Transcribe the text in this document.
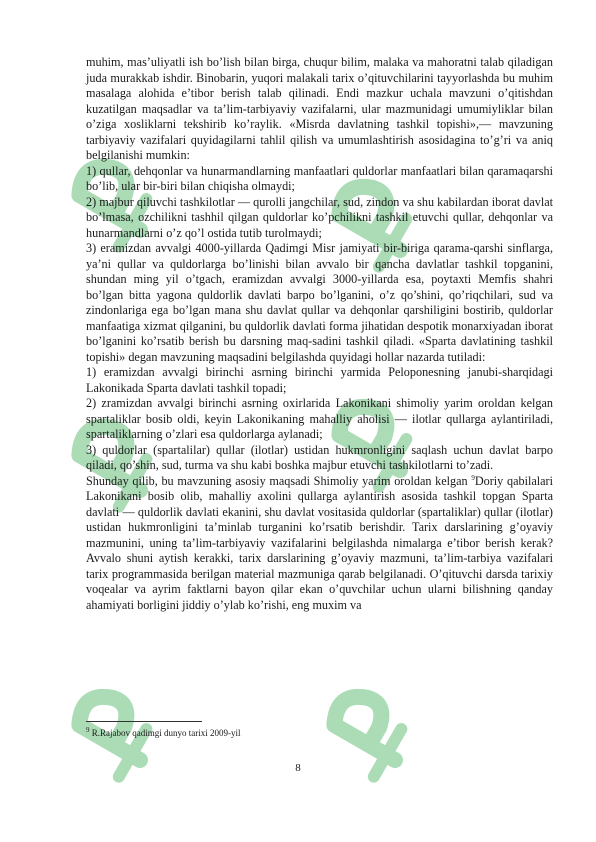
muhim, mas’uliyatli ish bo’lish bilan birga, chuqur bilim, malaka va mahoratni talab qiladigan juda murakkab ishdir. Binobarin, yuqori malakali tarix o’qituvchilarini tayyorlashda bu muhim masalaga alohida e’tibor berish talab qilinadi. Endi mazkur uchala mavzuni o’qitishdan kuzatilgan maqsadlar va ta’lim-tarbiyaviy vazifalarni, ular mazmunidagi umumiyliklar bilan o’ziga xosliklarni tekshirib ko’raylik. «Misrda davlatning tashkil topishi»,— mavzuning tarbiyaviy vazifalari quyidagilarni tahlil qilish va umumlashtirish asosidagina to’g’ri va aniq belgilanishi mumkin:

1) qullar, dehqonlar va hunarmandlarning manfaatlari quldorlar manfaatlari bilan qaramaqarshi bo’lib, ular bir-biri bilan chiqisha olmaydi;

2) majbur qiluvchi tashkilotlar — qurolli jangchilar, sud, zindon va shu kabilardan iborat davlat bo’lmasa, ozchilikni tashhil qilgan quldorlar ko’pchilikni tashkil etuvchi qullar, dehqonlar va hunarmandlarni o’z qo’l ostida tutib turolmaydi;

3) eramizdan avvalgi 4000-yillarda Qadimgi Misr jamiyati bir-biriga qarama-qarshi sinflarga, ya’ni qullar va quldorlarga bo’linishi bilan avvalo bir qancha davlatlar tashkil topganini, shundan ming yil o’tgach, eramizdan avvalgi 3000-yillarda esa, poytaxti Memfis shahri bo’lgan bitta yagona quldorlik davlati barpo bo’lganini, o’z qo’shini, qo’riqchilari, sud va zindonlariga ega bo’lgan mana shu davlat qullar va dehqonlar qarshiligini bostirib, quldorlar manfaatiga xizmat qilganini, bu quldorlik davlati forma jihatidan despotik monarxiyadan iborat bo’lganini ko’rsatib berish bu darsning maq-sadini tashkil qiladi. «Sparta davlatining tashkil topishi» degan mavzuning maqsadini belgilashda quyidagi hollar nazarda tutiladi:

1) eramizdan avvalgi birinchi asrning birinchi yarmida Peloponesning janubi-sharqidagi Lakonikada Sparta davlati tashkil topadi;

2) zramizdan avvalgi birinchi asrning oxirlarida Lakonikani shimoliy yarim oroldan kelgan spartaliklar bosib oldi, keyin Lakonikaning mahalliy aholisi — ilotlar qullarga aylantiriladi, spartaliklarning o’zlari esa quldorlarga aylanadi;

3) quldorlar (spartalilar) qullar (ilotlar) ustidan hukmronligini saqlash uchun davlat barpo qiladi, qo’shin, sud, turma va shu kabi boshka majbur etuvchi tashkilotlarni to’zadi.

Shunday qilib, bu mavzuning asosiy maqsadi Shimoliy yarim oroldan kelgan $^9$Doriy qabilalari Lakonikani bosib olib, mahalliy axolini qullarga aylantirish asosida tashkil topgan Sparta davlati — quldorlik davlati ekanini, shu davlat vositasida quldorlar (spartaliklar) qullar (ilotlar) ustidan hukmronligini ta’minlab turganini ko’rsatib berishdir. Tarix darslarining g’oyaviy mazmunini, uning ta’lim-tarbiyaviy vazifalarini belgilashda nimalarga e’tibor berish kerak? Avvalo shuni aytish kerakki, tarix darslarining g’oyaviy mazmuni, ta’lim-tarbiya vazifalari tarix programmasida berilgan material mazmuniga qarab belgilanadi. O’qituvchi darsda tarixiy voqealar va ayrim faktlarni bayon qilar ekan o’quvchilar uchun ularni bilishning qanday ahamiyati borligini jiddiy o’ylab ko’rishi, eng muxim va

$^9$ R.Rajabov qadimgi dunyo tarixi 2009-yil
8
